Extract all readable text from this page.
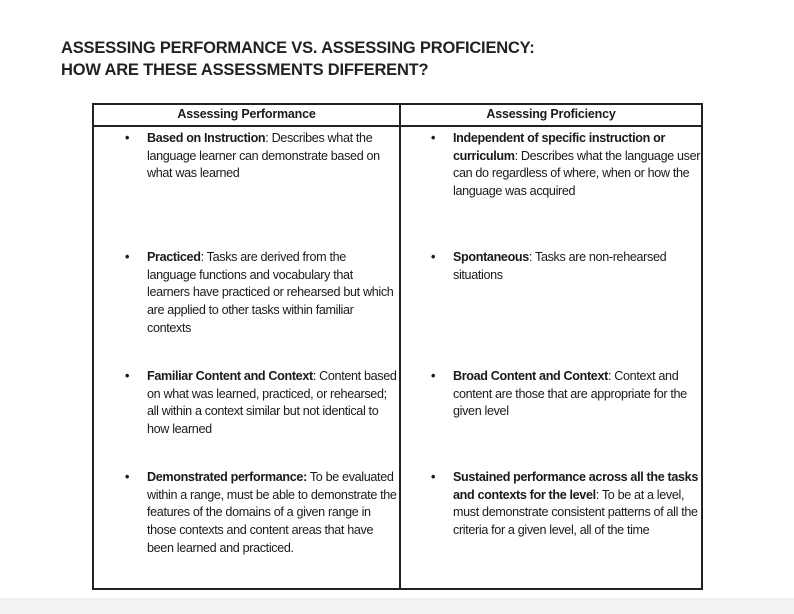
ASSESSING PERFORMANCE VS. ASSESSING PROFICIENCY:
HOW ARE THESE ASSESSMENTS DIFFERENT?
Assessing Performance	Assessing Proficiency
• Based on Instruction: Describes what the language learner can demonstrate based on what was learned
• Independent of specific instruction or curriculum: Describes what the language user can do regardless of where, when or how the language was acquired
• Practiced: Tasks are derived from the language functions and vocabulary that learners have practiced or rehearsed but which are applied to other tasks within familiar contexts
• Spontaneous: Tasks are non-rehearsed situations
• Familiar Content and Context: Content based on what was learned, practiced, or rehearsed; all within a context similar but not identical to how learned
• Broad Content and Context: Context and content are those that are appropriate for the given level
• Demonstrated performance: To be evaluated within a range, must be able to demonstrate the features of the domains of a given range in those contexts and content areas that have been learned and practiced.
• Sustained performance across all the tasks and contexts for the level: To be at a level, must demonstrate consistent patterns of all the criteria for a given level, all of the time
